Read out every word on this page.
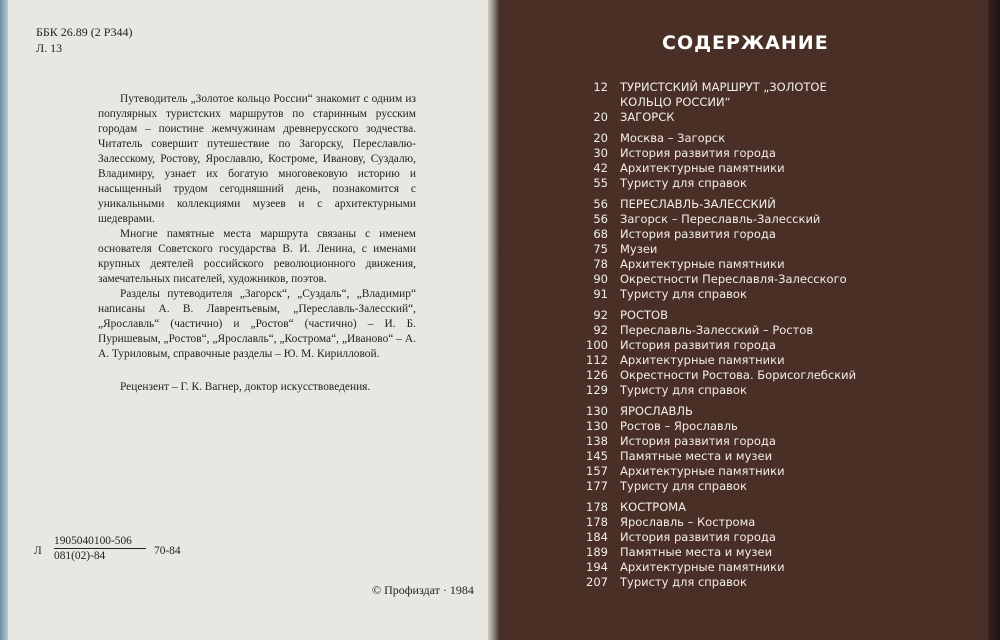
ББК 26.89 (2 Р344)
Л. 13

Путеводитель „Золотое кольцо России“ знакомит с одним из популярных туристских маршрутов по старинным русским городам – поистине жемчужинам древнерусского зодчества. Читатель совершит путешествие по Загорску, Переславлю-Залесскому, Ростову, Ярославлю, Костроме, Иванову, Суздалю, Владимиру, узнает их богатую многовековую историю и насыщенный трудом сегодняшний день, познакомится с уникальными коллекциями музеев и с архитектурными шедеврами.

Многие памятные места маршрута связаны с именем основателя Советского государства В. И. Ленина, с именами крупных деятелей российского революционного движения, замечательных писателей, художников, поэтов.

Разделы путеводителя „Загорск“, „Суздаль“, „Владимир“ написаны А. В. Лаврентьевым, „Переславль-Залесский“, „Ярославль“ (частично) и „Ростов“ (частично) – И. Б. Пуришевым, „Ростов“, „Ярославль“, „Кострома“, „Иваново“ – А. А. Туриловым, справочные разделы – Ю. М. Кирилловой.

Рецензент – Г. К. Вагнер, доктор искусствоведения.
Л $\frac{1905040100-506}{081(02)-84} 70-84$
© Профиздат · 1984
СОДЕРЖАНИЕ
12 ТУРИСТСКИЙ МАРШРУТ „ЗОЛОТОЕ
КОЛЬЦО РОССИИ“
20 ЗАГОРСК
20 Москва – Загорск
30 История развития города
42 Архитектурные памятники
55 Туристу для справок
56 ПЕРЕСЛАВЛЬ-ЗАЛЕССКИЙ
56 Загорск – Переславль-Залесский
68 История развития города
75 Музеи
78 Архитектурные памятники
90 Окрестности Переславля-Залесского
91 Туристу для справок
92 РОСТОВ
92 Переславль-Залесский – Ростов
100 История развития города
112 Архитектурные памятники
126 Окрестности Ростова. Борисоглебский
129 Туристу для справок
130 ЯРОСЛАВЛЬ
130 Ростов – Ярославль
138 История развития города
145 Памятные места и музеи
157 Архитектурные памятники
177 Туристу для справок
178 КОСТРОМА
178 Ярославль – Кострома
184 История развития города
189 Памятные места и музеи
194 Архитектурные памятники
207 Туристу для справок
